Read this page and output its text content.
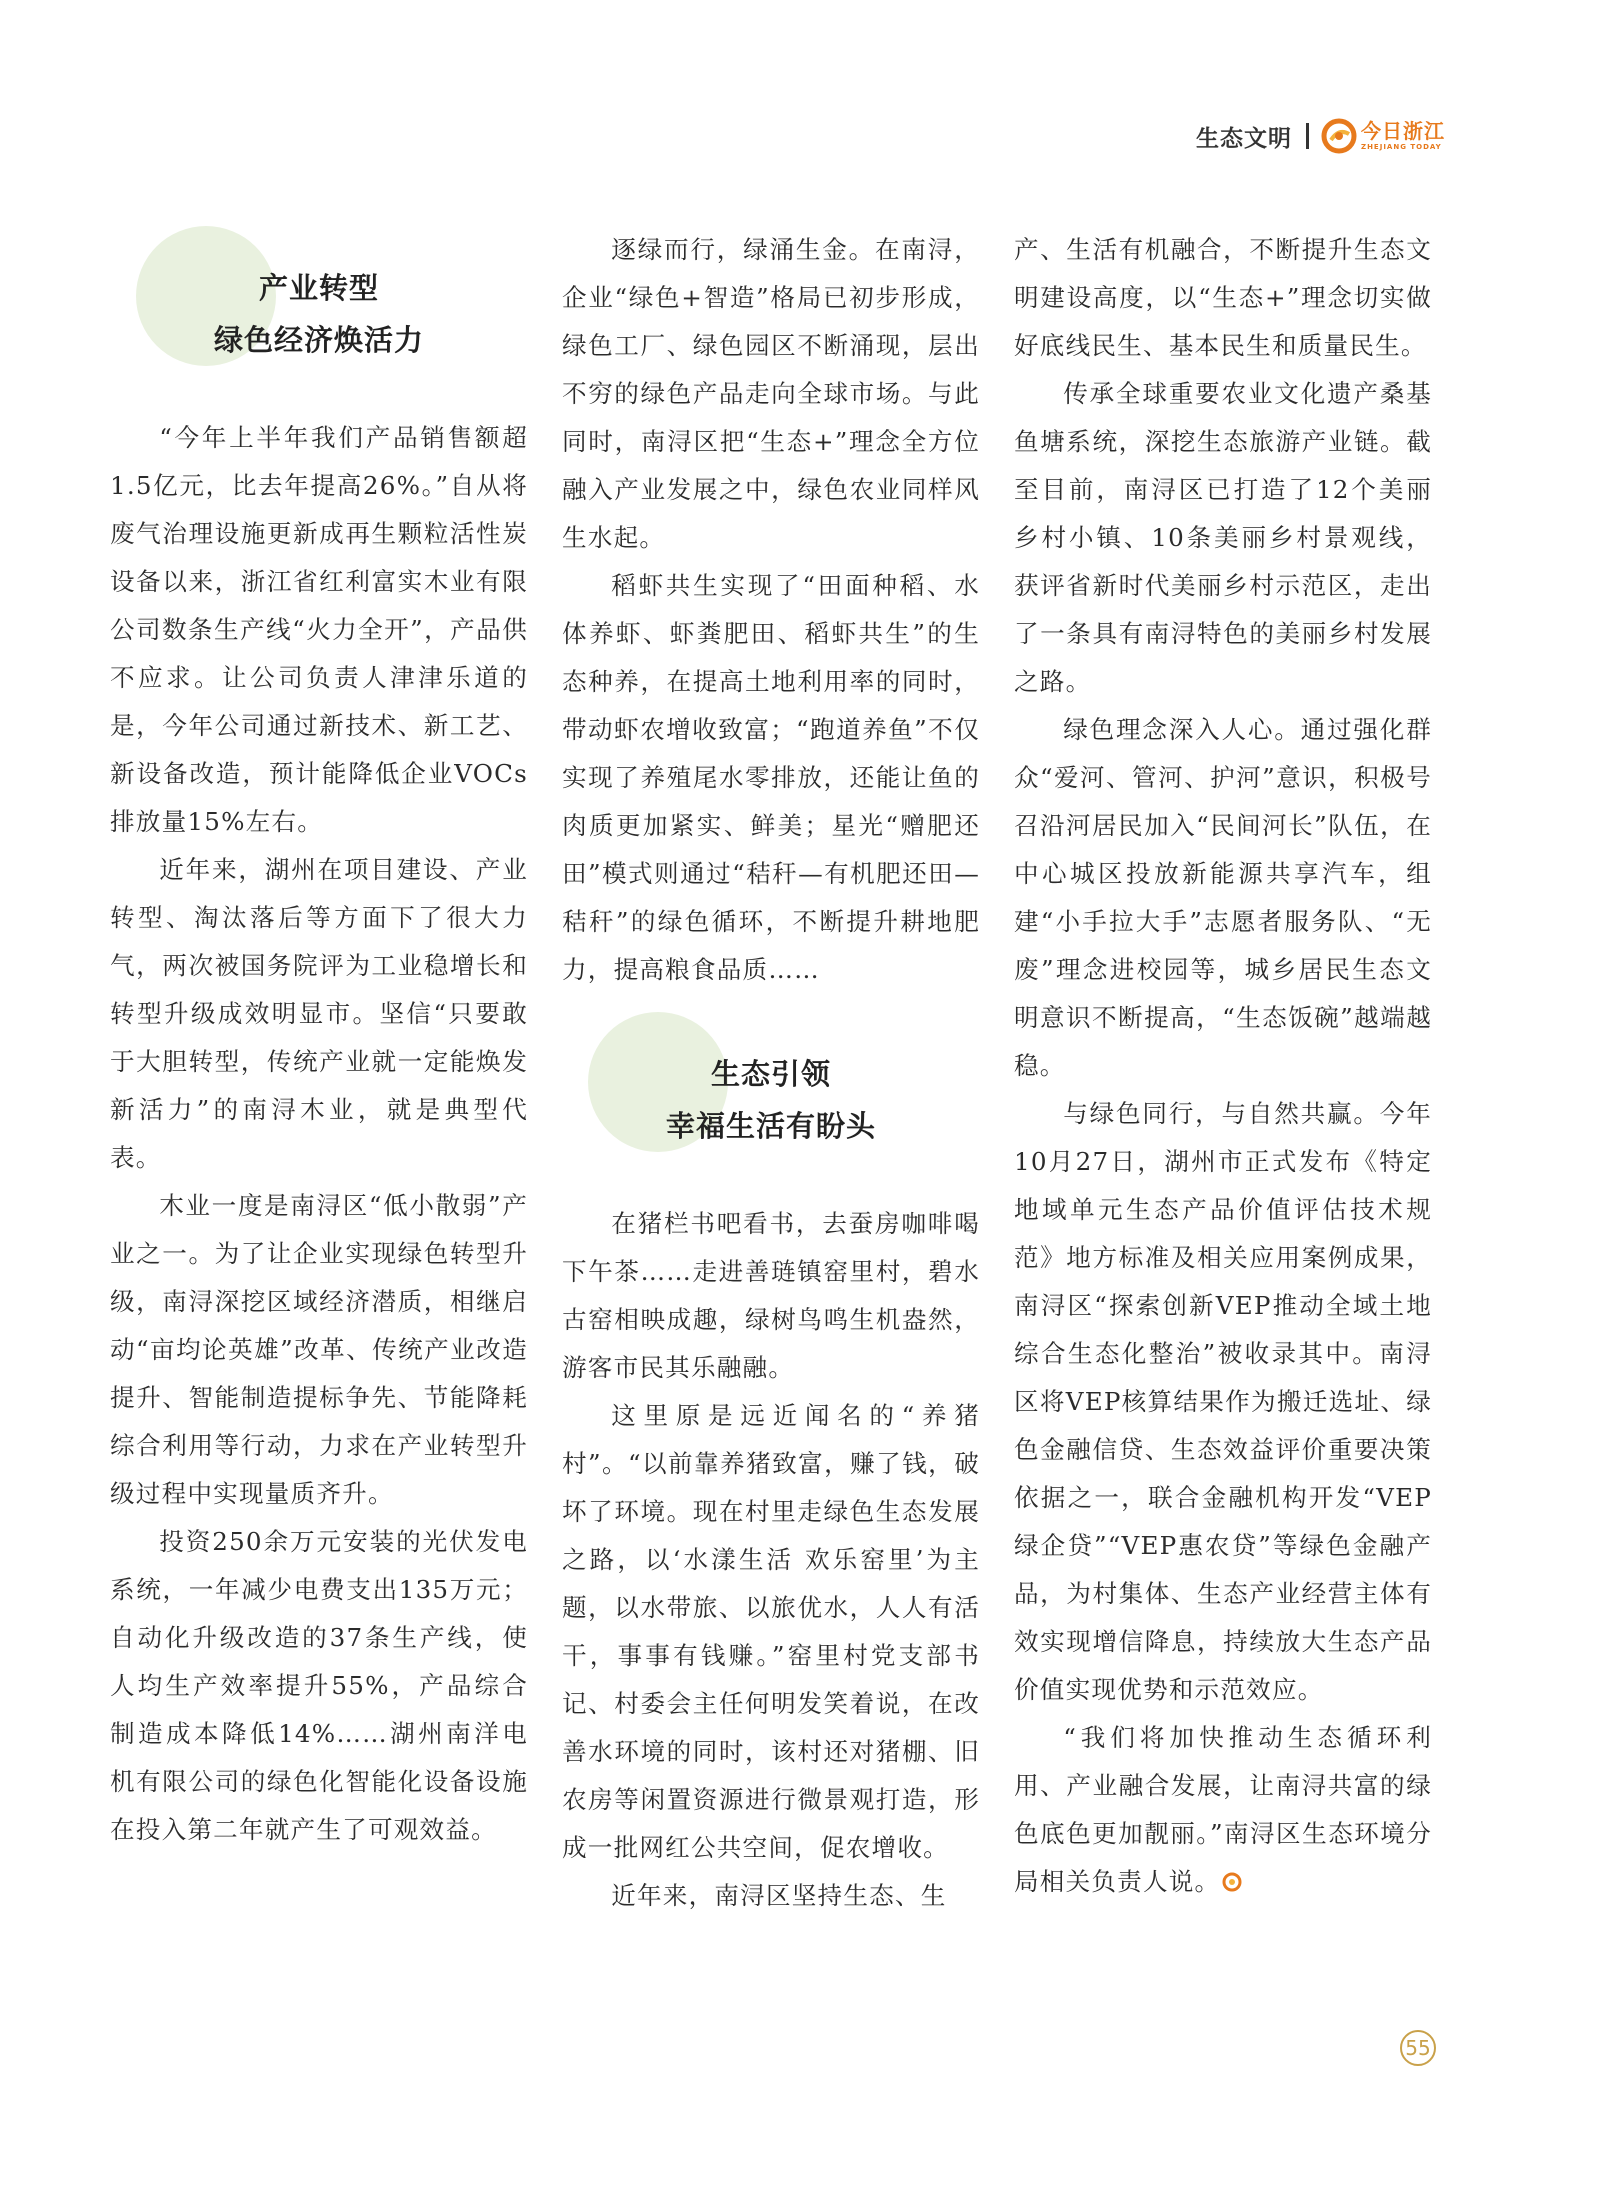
生态文明	今日浙江
ZHEJIANG TODAY
产业转型
绿色经济焕活力

“今年上半年我们产品销售额超1.5亿元，比去年提高26%。”自从将废气治理设施更新成再生颗粒活性炭设备以来，浙江省红利富实木业有限公司数条生产线“火力全开”，产品供不应求。让公司负责人津津乐道的是，今年公司通过新技术、新工艺、新设备改造，预计能降低企业VOCs排放量15%左右。

近年来，湖州在项目建设、产业转型、淘汰落后等方面下了很大力气，两次被国务院评为工业稳增长和转型升级成效明显市。坚信“只要敢于大胆转型，传统产业就一定能焕发新活力”的南浔木业，就是典型代表。

木业一度是南浔区“低小散弱”产业之一。为了让企业实现绿色转型升级，南浔深挖区域经济潜质，相继启动“亩均论英雄”改革、传统产业改造提升、智能制造提标争先、节能降耗综合利用等行动，力求在产业转型升级过程中实现量质齐升。

投资250余万元安装的光伏发电系统，一年减少电费支出135万元；自动化升级改造的37条生产线，使人均生产效率提升55%，产品综合制造成本降低14%……湖州南洋电机有限公司的绿色化智能化设备设施在投入第二年就产生了可观效益。

逐绿而行，绿涌生金。在南浔，企业“绿色+智造”格局已初步形成，绿色工厂、绿色园区不断涌现，层出不穷的绿色产品走向全球市场。与此同时，南浔区把“生态+”理念全方位融入产业发展之中，绿色农业同样风生水起。

稻虾共生实现了“田面种稻、水体养虾、虾粪肥田、稻虾共生”的生态种养，在提高土地利用率的同时，带动虾农增收致富；“跑道养鱼”不仅实现了养殖尾水零排放，还能让鱼的肉质更加紧实、鲜美；星光“赠肥还田”模式则通过“秸秆—有机肥还田—秸秆”的绿色循环，不断提升耕地肥力，提高粮食品质……

生态引领
幸福生活有盼头

在猪栏书吧看书，去蚕房咖啡喝下午茶……走进善琏镇窑里村，碧水古窑相映成趣，绿树鸟鸣生机盎然，游客市民其乐融融。

这里原是远近闻名的“养猪村”。“以前靠养猪致富，赚了钱，破坏了环境。现在村里走绿色生态发展之路，以‘水漾生活 欢乐窑里’为主题，以水带旅、以旅优水，人人有活干，事事有钱赚。”窑里村党支部书记、村委会主任何明发笑着说，在改善水环境的同时，该村还对猪棚、旧农房等闲置资源进行微景观打造，形成一批网红公共空间，促农增收。

近年来，南浔区坚持生态、生

产、生活有机融合，不断提升生态文明建设高度，以“生态+”理念切实做好底线民生、基本民生和质量民生。

传承全球重要农业文化遗产桑基鱼塘系统，深挖生态旅游产业链。截至目前，南浔区已打造了12个美丽乡村小镇、10条美丽乡村景观线，获评省新时代美丽乡村示范区，走出了一条具有南浔特色的美丽乡村发展之路。

绿色理念深入人心。通过强化群众“爱河、管河、护河”意识，积极号召沿河居民加入“民间河长”队伍，在中心城区投放新能源共享汽车，组建“小手拉大手”志愿者服务队、“无废”理念进校园等，城乡居民生态文明意识不断提高，“生态饭碗”越端越稳。

与绿色同行，与自然共赢。今年10月27日，湖州市正式发布《特定地域单元生态产品价值评估技术规范》地方标准及相关应用案例成果，南浔区“探索创新VEP推动全域土地综合生态化整治”被收录其中。南浔区将VEP核算结果作为搬迁选址、绿色金融信贷、生态效益评价重要决策依据之一，联合金融机构开发“VEP绿企贷”“VEP惠农贷”等绿色金融产品，为村集体、生态产业经营主体有效实现增信降息，持续放大生态产品价值实现优势和示范效应。

“我们将加快推动生态循环利用、产业融合发展，让南浔共富的绿色底色更加靓丽。”南浔区生态环境分局相关负责人说。

55
